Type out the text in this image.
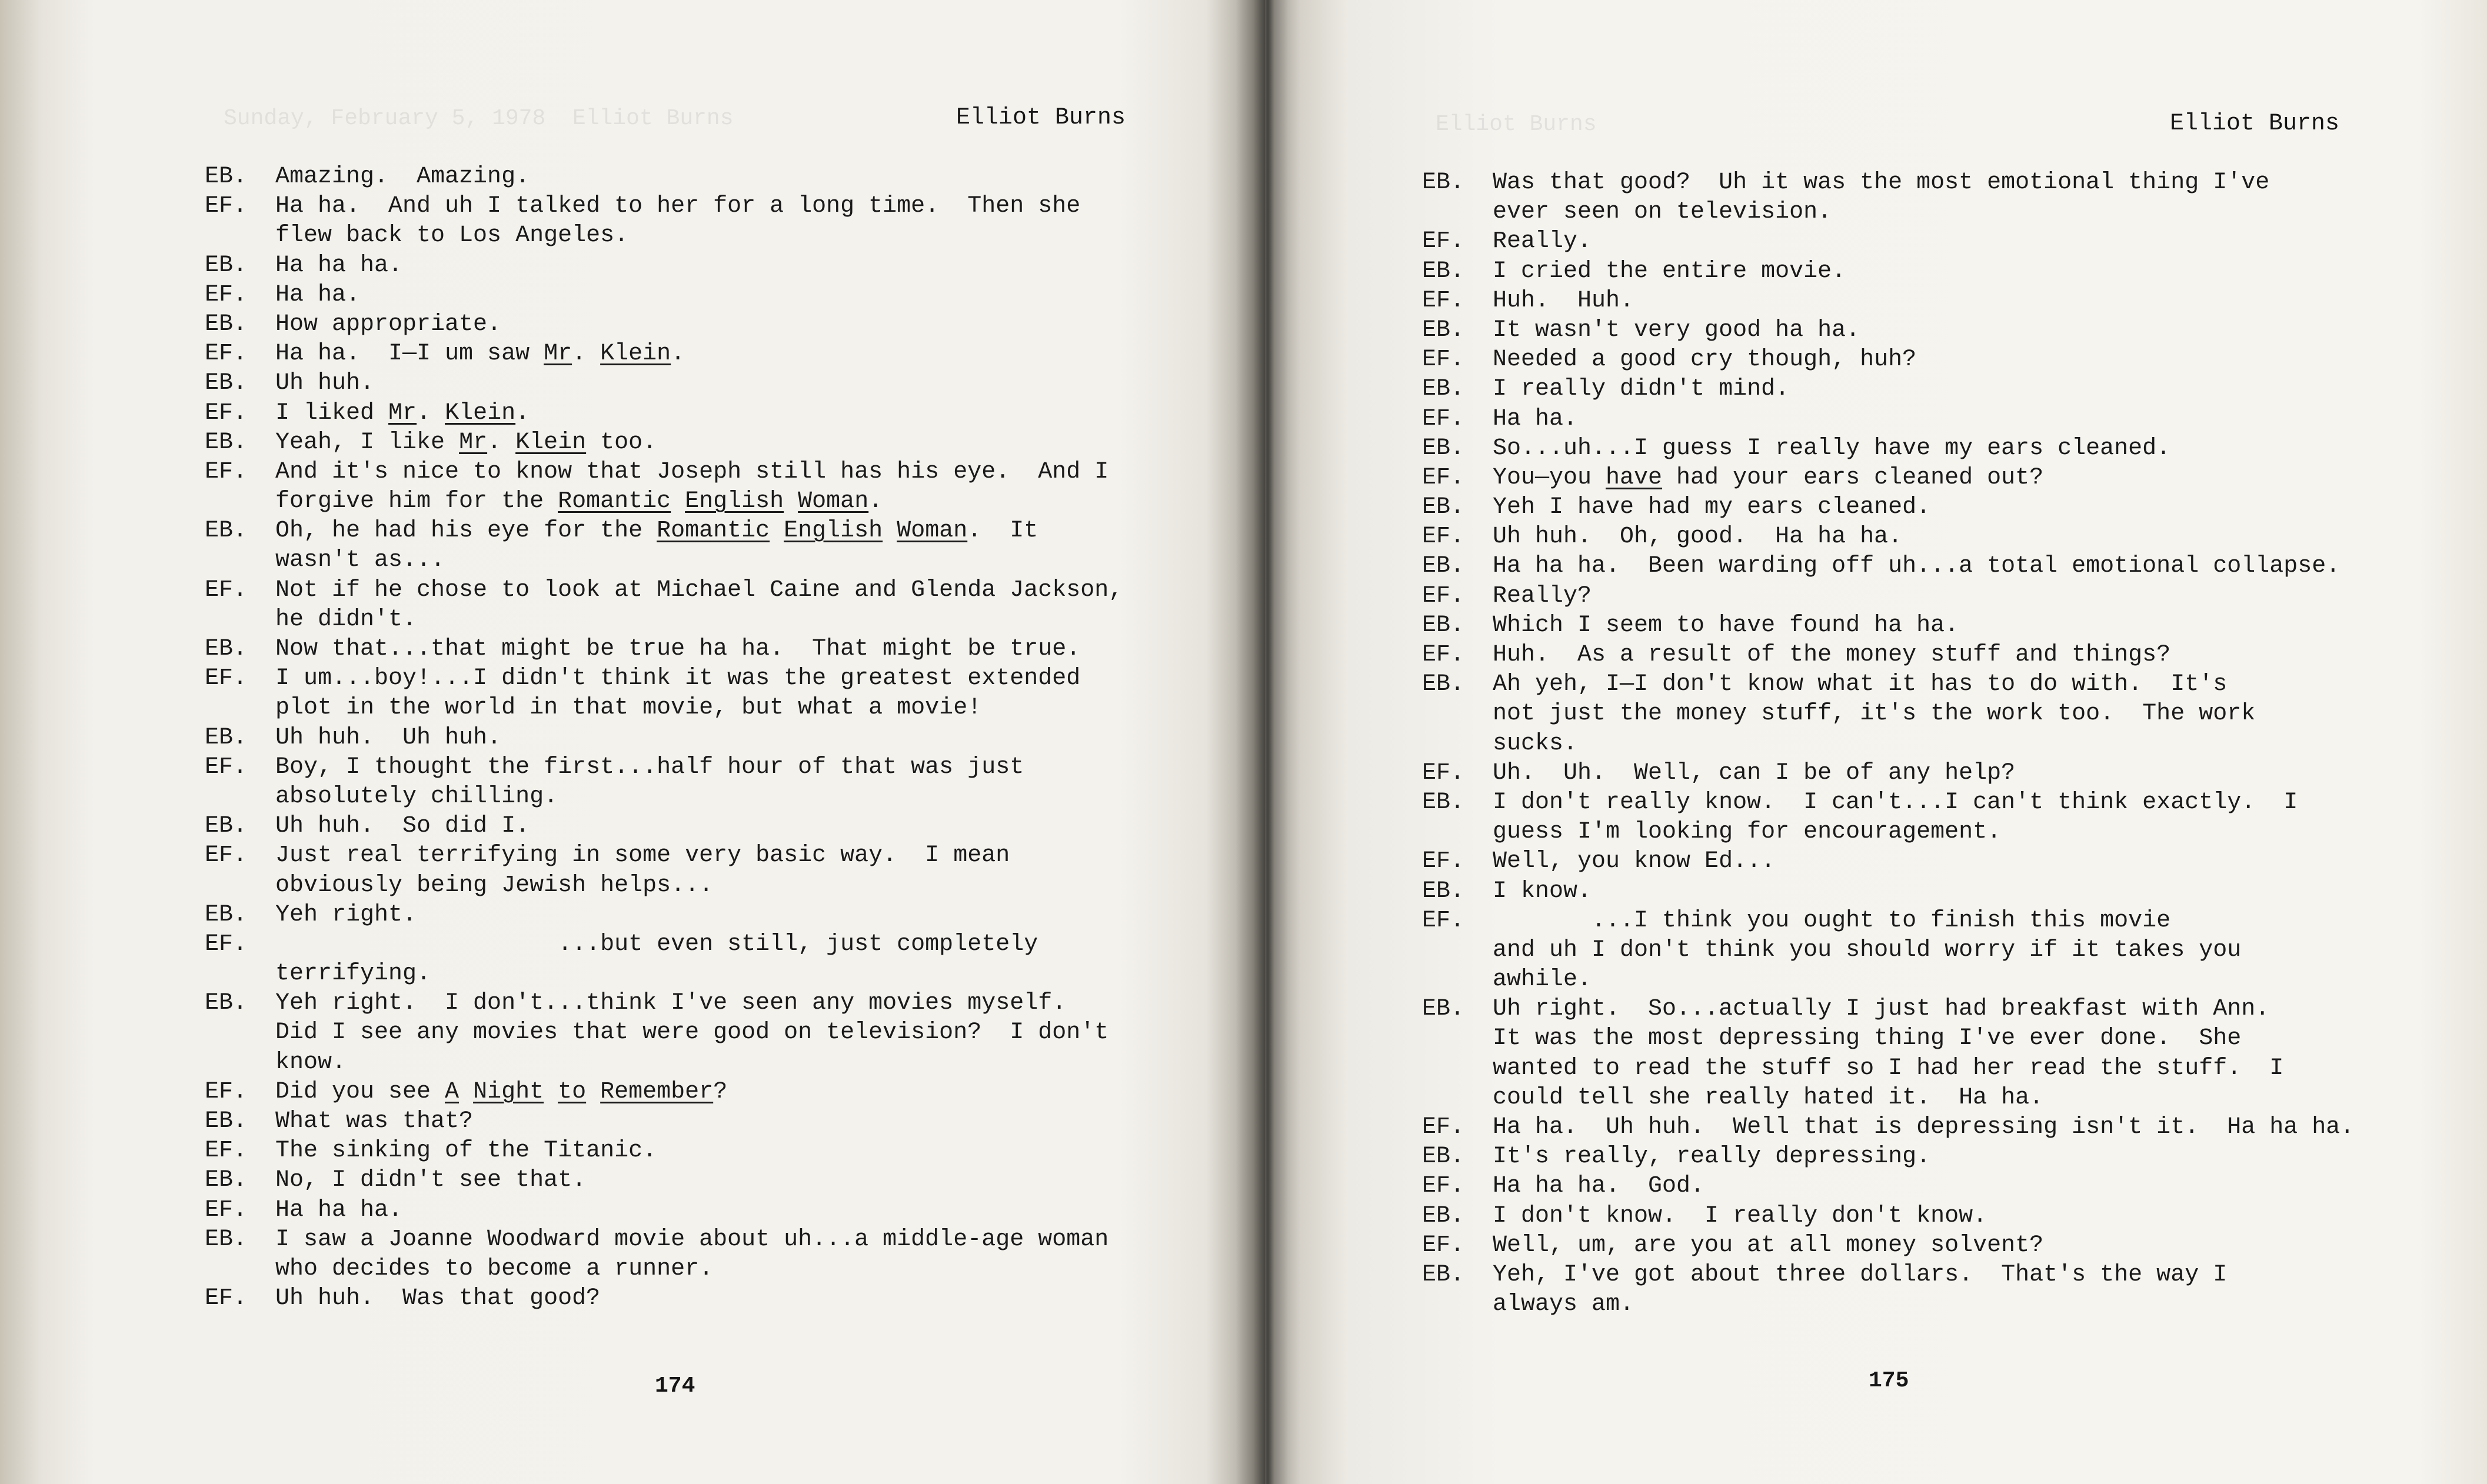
Sunday, February 5, 1978  Elliot Burns	Elliot Burns
EB. Amazing.  Amazing.
EF. Ha ha.  And uh I talked to her for a long time.  Then she
flew back to Los Angeles.
EB. Ha ha ha.
EF. Ha ha.
EB. How appropriate.
EF. Ha ha.  I—I um saw Mr. Klein.
EB. Uh huh.
EF. I liked Mr. Klein.
EB. Yeah, I like Mr. Klein too.
EF. And it's nice to know that Joseph still has his eye.  And I
forgive him for the Romantic English Woman.
EB. Oh, he had his eye for the Romantic English Woman.  It
wasn't as...
EF. Not if he chose to look at Michael Caine and Glenda Jackson,
he didn't.
EB. Now that...that might be true ha ha.  That might be true.
EF. I um...boy!...I didn't think it was the greatest extended
plot in the world in that movie, but what a movie!
EB. Uh huh.  Uh huh.
EF. Boy, I thought the first...half hour of that was just
absolutely chilling.
EB. Uh huh.  So did I.
EF. Just real terrifying in some very basic way.  I mean
obviously being Jewish helps...
EB. Yeh right.
EF. ...but even still, just completely
terrifying.
EB. Yeh right.  I don't...think I've seen any movies myself.
Did I see any movies that were good on television?  I don't
know.
EF. Did you see A Night to Remember?
EB. What was that?
EF. The sinking of the Titanic.
EB. No, I didn't see that.
EF. Ha ha ha.
EB. I saw a Joanne Woodward movie about uh...a middle-age woman
who decides to become a runner.
EF. Uh huh.  Was that good?
174
Elliot Burns	Elliot Burns
EB. Was that good?  Uh it was the most emotional thing I've
ever seen on television.
EF. Really.
EB. I cried the entire movie.
EF. Huh.  Huh.
EB. It wasn't very good ha ha.
EF. Needed a good cry though, huh?
EB. I really didn't mind.
EF. Ha ha.
EB. So...uh...I guess I really have my ears cleaned.
EF. You—you have had your ears cleaned out?
EB. Yeh I have had my ears cleaned.
EF. Uh huh.  Oh, good.  Ha ha ha.
EB. Ha ha ha.  Been warding off uh...a total emotional collapse.
EF. Really?
EB. Which I seem to have found ha ha.
EF. Huh.  As a result of the money stuff and things?
EB. Ah yeh, I—I don't know what it has to do with.  It's
not just the money stuff, it's the work too.  The work
sucks.
EF. Uh.  Uh.  Well, can I be of any help?
EB. I don't really know.  I can't...I can't think exactly.  I
guess I'm looking for encouragement.
EF. Well, you know Ed...
EB. I know.
EF. ...I think you ought to finish this movie
and uh I don't think you should worry if it takes you
awhile.
EB. Uh right.  So...actually I just had breakfast with Ann.
It was the most depressing thing I've ever done.  She
wanted to read the stuff so I had her read the stuff.  I
could tell she really hated it.  Ha ha.
EF. Ha ha.  Uh huh.  Well that is depressing isn't it.  Ha ha ha.
EB. It's really, really depressing.
EF. Ha ha ha.  God.
EB. I don't know.  I really don't know.
EF. Well, um, are you at all money solvent?
EB. Yeh, I've got about three dollars.  That's the way I
always am.
175
